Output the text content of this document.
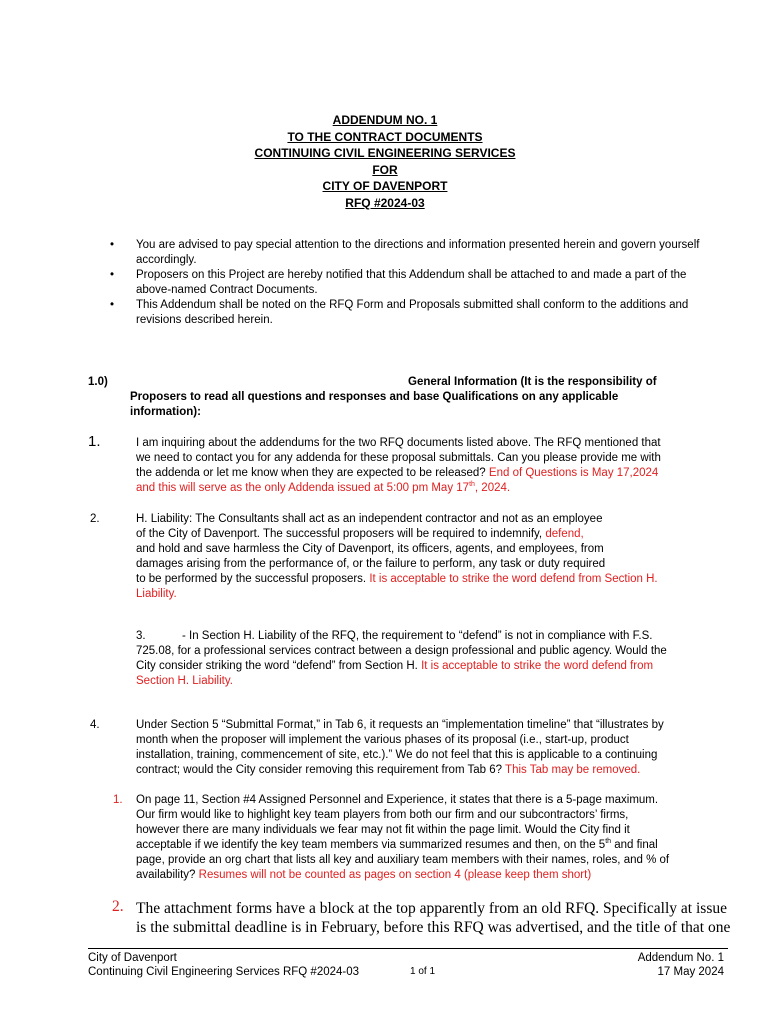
ADDENDUM NO. 1
TO THE CONTRACT DOCUMENTS
CONTINUING CIVIL ENGINEERING SERVICES
FOR
CITY OF DAVENPORT
RFQ #2024-03
• You are advised to pay special attention to the directions and information presented herein and govern yourself accordingly.
• Proposers on this Project are hereby notified that this Addendum shall be attached to and made a part of the above-named Contract Documents.
• This Addendum shall be noted on the RFQ Form and Proposals submitted shall conform to the additions and revisions described herein.
1.0)	General Information (It is the responsibility of
Proposers to read all questions and responses and base Qualifications on any applicable
information):
1.	I am inquiring about the addendums for the two RFQ documents listed above. The RFQ mentioned that
we need to contact you for any addenda for these proposal submittals. Can you please provide me with
the addenda or let me know when they are expected to be released? End of Questions is May 17,2024
and this will serve as the only Addenda issued at 5:00 pm May 17th, 2024.
2.	H. Liability: The Consultants shall act as an independent contractor and not as an employee
of the City of Davenport. The successful proposers will be required to indemnify, defend,
and hold and save harmless the City of Davenport, its officers, agents, and employees, from
damages arising from the performance of, or the failure to perform, any task or duty required
to be performed by the successful proposers. It is acceptable to strike the word defend from Section H.
Liability.
3.	- In Section H. Liability of the RFQ, the requirement to “defend” is not in compliance with F.S.
725.08, for a professional services contract between a design professional and public agency. Would the
City consider striking the word “defend” from Section H. It is acceptable to strike the word defend from
Section H. Liability.
4.	Under Section 5 “Submittal Format,” in Tab 6, it requests an “implementation timeline” that “illustrates by
month when the proposer will implement the various phases of its proposal (i.e., start-up, product
installation, training, commencement of site, etc.).” We do not feel that this is applicable to a continuing
contract; would the City consider removing this requirement from Tab 6? This Tab may be removed.
1. On page 11, Section #4 Assigned Personnel and Experience, it states that there is a 5-page maximum.
Our firm would like to highlight key team players from both our firm and our subcontractors’ firms,
however there are many individuals we fear may not fit within the page limit. Would the City find it
acceptable if we identify the key team members via summarized resumes and then, on the 5th and final
page, provide an org chart that lists all key and auxiliary team members with their names, roles, and % of
availability? Resumes will not be counted as pages on section 4 (please keep them short)
2. The attachment forms have a block at the top apparently from an old RFQ. Specifically at issue
is the submittal deadline is in February, before this RFQ was advertised, and the title of that one
City of Davenport
Continuing Civil Engineering Services RFQ #2024-03	1 of 1
Addendum No. 1
17 May 2024
